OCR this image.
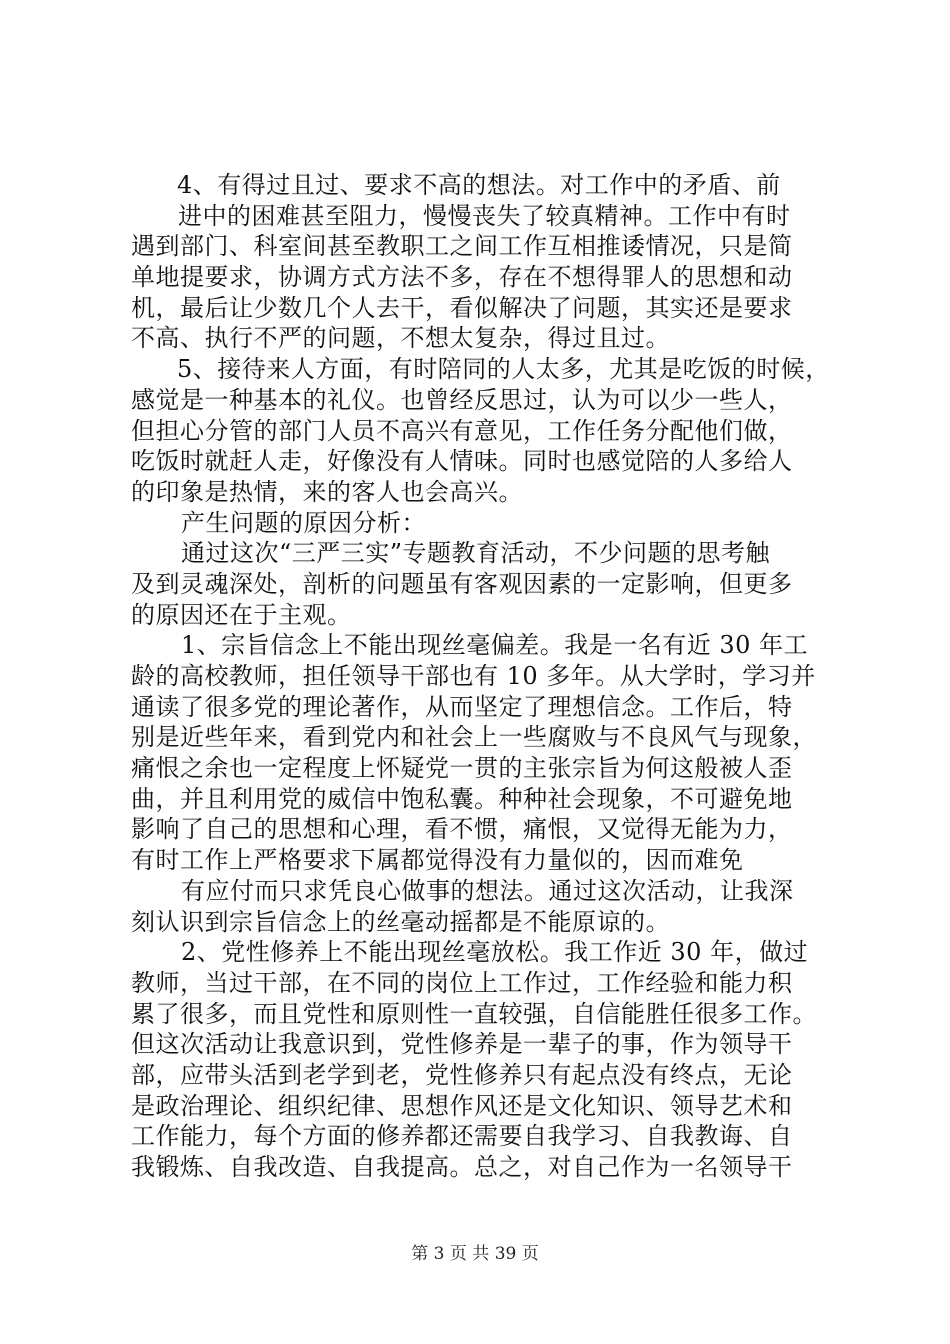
4、有得过且过、要求不高的想法。对工作中的矛盾、前
进中的困难甚至阻力，慢慢丧失了较真精神。工作中有时
遇到部门、科室间甚至教职工之间工作互相推诿情况，只是简
单地提要求，协调方式方法不多，存在不想得罪人的思想和动
机，最后让少数几个人去干，看似解决了问题，其实还是要求
不高、执行不严的问题，不想太复杂，得过且过。
5、接待来人方面，有时陪同的人太多，尤其是吃饭的时候，
感觉是一种基本的礼仪。也曾经反思过，认为可以少一些人，
但担心分管的部门人员不高兴有意见，工作任务分配他们做，
吃饭时就赶人走，好像没有人情味。同时也感觉陪的人多给人
的印象是热情，来的客人也会高兴。
产生问题的原因分析：
通过这次“三严三实”专题教育活动，不少问题的思考触
及到灵魂深处，剖析的问题虽有客观因素的一定影响，但更多
的原因还在于主观。
1、宗旨信念上不能出现丝毫偏差。我是一名有近 30 年工
龄的高校教师，担任领导干部也有 10 多年。从大学时，学习并
通读了很多党的理论著作，从而坚定了理想信念。工作后，特
别是近些年来，看到党内和社会上一些腐败与不良风气与现象，
痛恨之余也一定程度上怀疑党一贯的主张宗旨为何这般被人歪
曲，并且利用党的威信中饱私囊。种种社会现象，不可避免地
影响了自己的思想和心理，看不惯，痛恨，又觉得无能为力，
有时工作上严格要求下属都觉得没有力量似的，因而难免
有应付而只求凭良心做事的想法。通过这次活动，让我深
刻认识到宗旨信念上的丝毫动摇都是不能原谅的。
2、党性修养上不能出现丝毫放松。我工作近 30 年，做过
教师，当过干部，在不同的岗位上工作过，工作经验和能力积
累了很多，而且党性和原则性一直较强，自信能胜任很多工作。
但这次活动让我意识到，党性修养是一辈子的事，作为领导干
部，应带头活到老学到老，党性修养只有起点没有终点，无论
是政治理论、组织纪律、思想作风还是文化知识、领导艺术和
工作能力，每个方面的修养都还需要自我学习、自我教诲、自
我锻炼、自我改造、自我提高。总之，对自己作为一名领导干
第 3 页 共 39 页
